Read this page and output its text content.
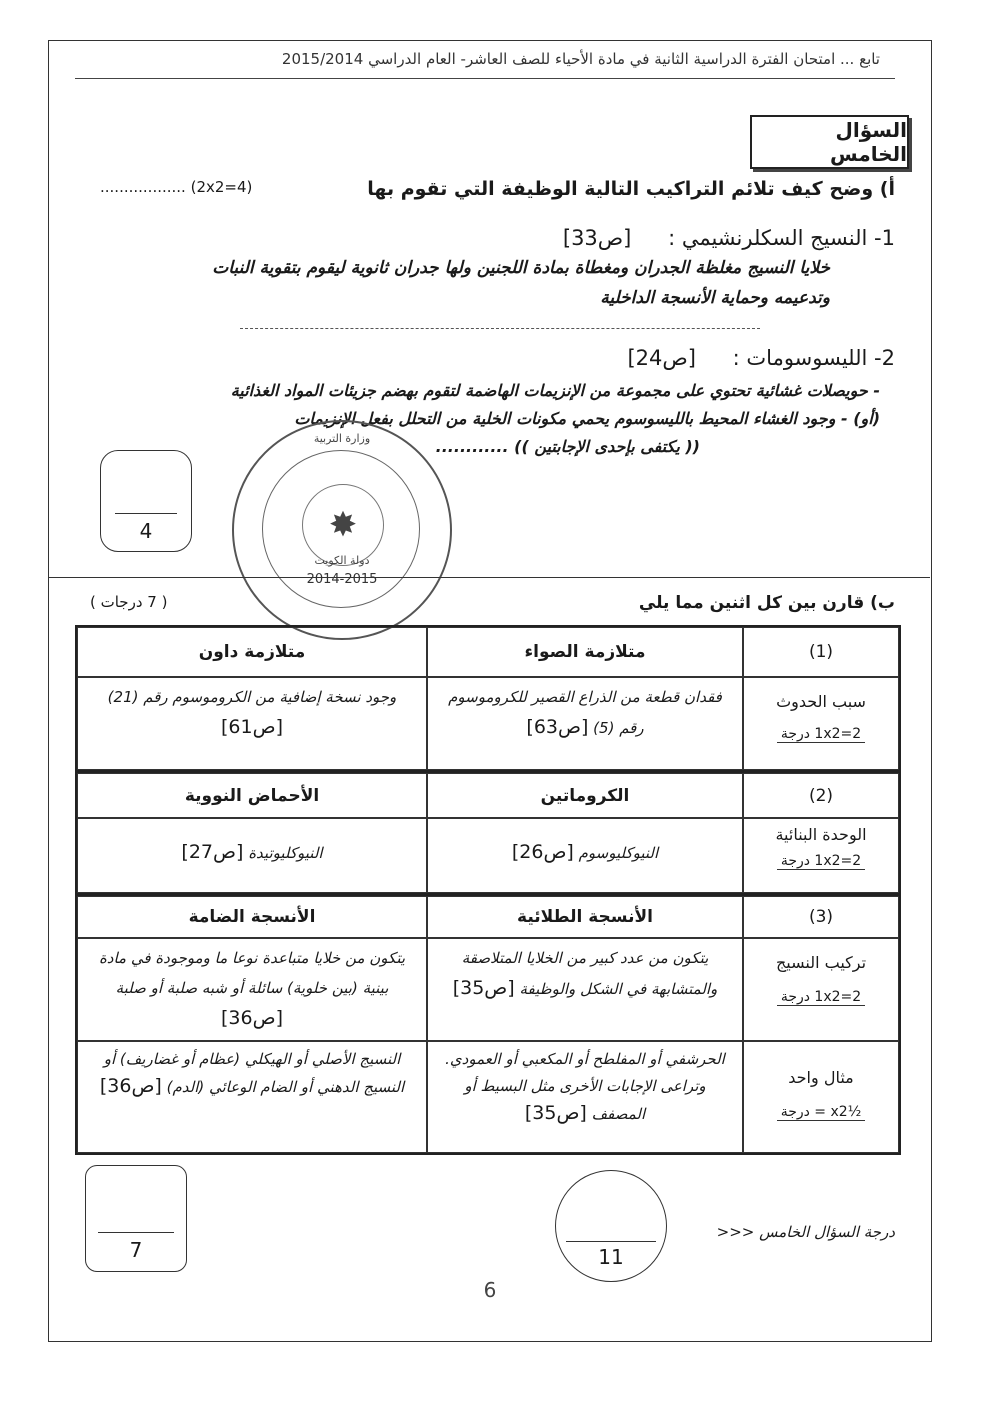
تابع ... امتحان الفترة الدراسية الثانية في مادة الأحياء للصف العاشر- العام الدراسي 2015/2014
السؤال الخامس
أ) وضح كيف تلائم التراكيب التالية الوظيفة التي تقوم بها
(4=2x2) ..................
1- النسيج السكلرنشيمي : [ص33]
خلايا النسيج مغلظة الجدران ومغطاة بمادة اللجنين ولها جدران ثانوية ليقوم بتقوية النبات وتدعيمه وحماية الأنسجة الداخلية
2- الليسوسومات : [ص24]
- حويصلات غشائية تحتوي على مجموعة من الإنزيمات الهاضمة لتقوم بهضم جزيئات المواد الغذائية
(أو) - وجود الغشاء المحيط بالليسوسوم يحمي مكونات الخلية من التحلل بفعل الإنزيمات
(( يكتفى بإحدى الإجابتين )) ............
4
وزارة التربية
✸
دولة الكويت
2014-2015
ب) قارن بين كل اثنين مما يلي
( 7 درجات )
(1)
متلازمة الصواء
متلازمة داون
سبب الحدوث
2=1x2 درجة
فقدان قطعة من الذراع القصير للكروموسوم رقم (5) [ص63]
وجود نسخة إضافية من الكروموسوم رقم (21) [ص61]
(2)
الكروماتين
الأحماض النووية
الوحدة البنائية
2=1x2 درجة
النيوكليوسوم [ص26]
النيوكليوتيدة [ص27]
(3)
الأنسجة الطلائية
الأنسجة الضامة
تركيب النسيج
2=1x2 درجة
يتكون من عدد كبير من الخلايا المتلاصقة والمتشابهة في الشكل والوظيفة [ص35]
يتكون من خلايا متباعدة نوعا ما وموجودة في مادة بينية (بين خلوية) سائلة أو شبه صلبة أو صلبة [ص36]
مثال واحد
½x2 = درجة
الحرشفي أو المفلطح أو المكعبي أو العمودي. وتراعى الإجابات الأخرى مثل البسيط أو المصفف [ص35]
النسيج الأصلي أو الهيكلي (عظام أو غضاريف) أو النسيج الدهني أو الضام الوعائي (الدم) [ص36]
7	11
درجة السؤال الخامس <<<
6
